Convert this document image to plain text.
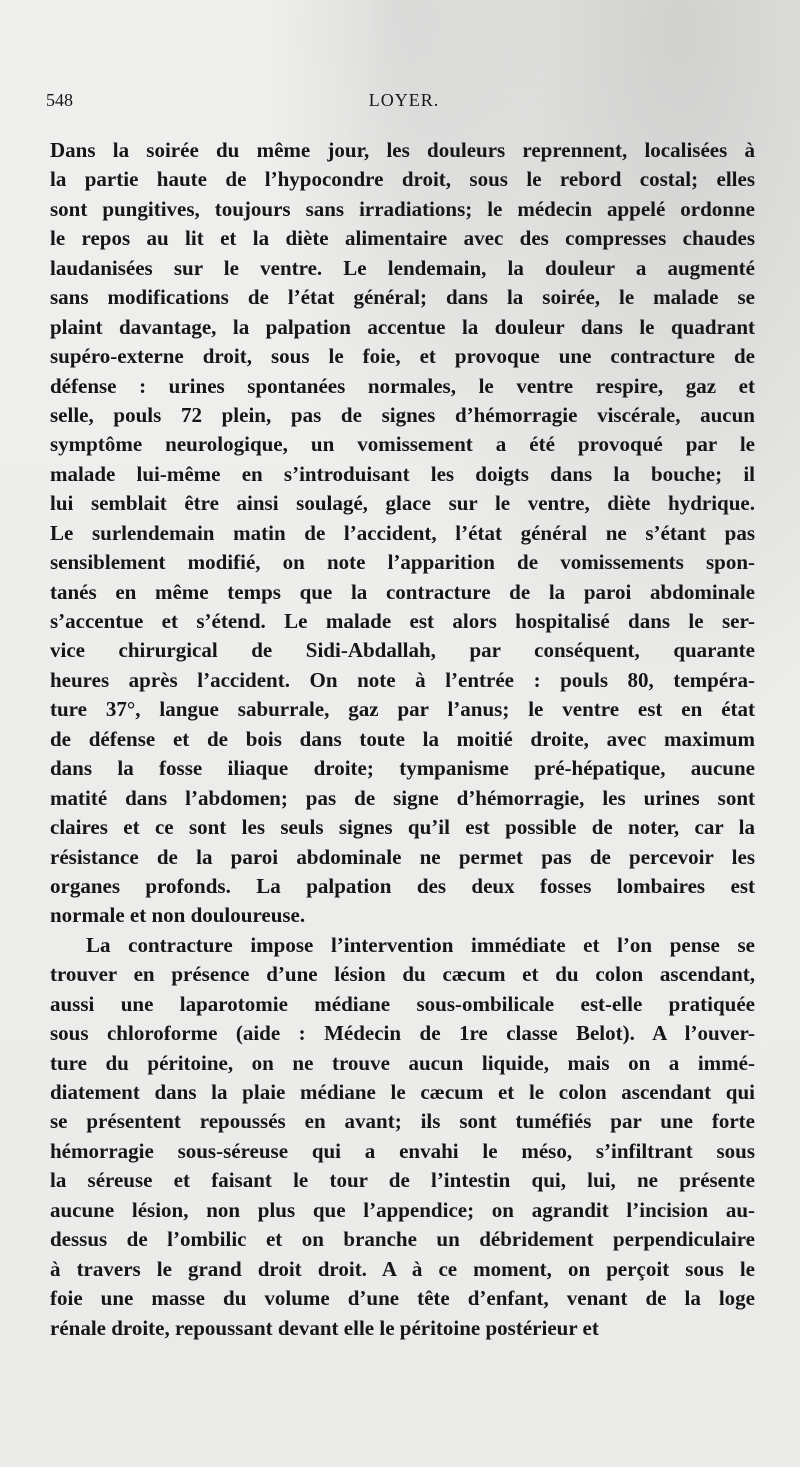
548	LOYER.
Dans la soirée du même jour, les douleurs reprennent, localisées à
la partie haute de l’hypocondre droit, sous le rebord costal; elles
sont pungitives, toujours sans irradiations; le médecin appelé ordonne
le repos au lit et la diète alimentaire avec des compresses chaudes
laudanisées sur le ventre. Le lendemain, la douleur a augmenté
sans modifications de l’état général; dans la soirée, le malade se
plaint davantage, la palpation accentue la douleur dans le quadrant
supéro-externe droit, sous le foie, et provoque une contracture de
défense : urines spontanées normales, le ventre respire, gaz et
selle, pouls 72 plein, pas de signes d’hémorragie viscérale, aucun
symptôme neurologique, un vomissement a été provoqué par le
malade lui-même en s’introduisant les doigts dans la bouche; il
lui semblait être ainsi soulagé, glace sur le ventre, diète hydrique.
Le surlendemain matin de l’accident, l’état général ne s’étant pas
sensiblement modifié, on note l’apparition de vomissements spon-
tanés en même temps que la contracture de la paroi abdominale
s’accentue et s’étend. Le malade est alors hospitalisé dans le ser-
vice chirurgical de Sidi-Abdallah, par conséquent, quarante
heures après l’accident. On note à l’entrée : pouls 80, tempéra-
ture 37°, langue saburrale, gaz par l’anus; le ventre est en état
de défense et de bois dans toute la moitié droite, avec maximum
dans la fosse iliaque droite; tympanisme pré-hépatique, aucune
matité dans l’abdomen; pas de signe d’hémorragie, les urines sont
claires et ce sont les seuls signes qu’il est possible de noter, car la
résistance de la paroi abdominale ne permet pas de percevoir les
organes profonds. La palpation des deux fosses lombaires est
normale et non douloureuse.
La contracture impose l’intervention immédiate et l’on pense se
trouver en présence d’une lésion du cæcum et du colon ascendant,
aussi une laparotomie médiane sous-ombilicale est-elle pratiquée
sous chloroforme (aide : Médecin de 1re classe Belot). A l’ouver-
ture du péritoine, on ne trouve aucun liquide, mais on a immé-
diatement dans la plaie médiane le cæcum et le colon ascendant qui
se présentent repoussés en avant; ils sont tuméfiés par une forte
hémorragie sous-séreuse qui a envahi le méso, s’infiltrant sous
la séreuse et faisant le tour de l’intestin qui, lui, ne présente
aucune lésion, non plus que l’appendice; on agrandit l’incision au-
dessus de l’ombilic et on branche un débridement perpendiculaire
à travers le grand droit droit. A à ce moment, on perçoit sous le
foie une masse du volume d’une tête d’enfant, venant de la loge
rénale droite, repoussant devant elle le péritoine postérieur et
